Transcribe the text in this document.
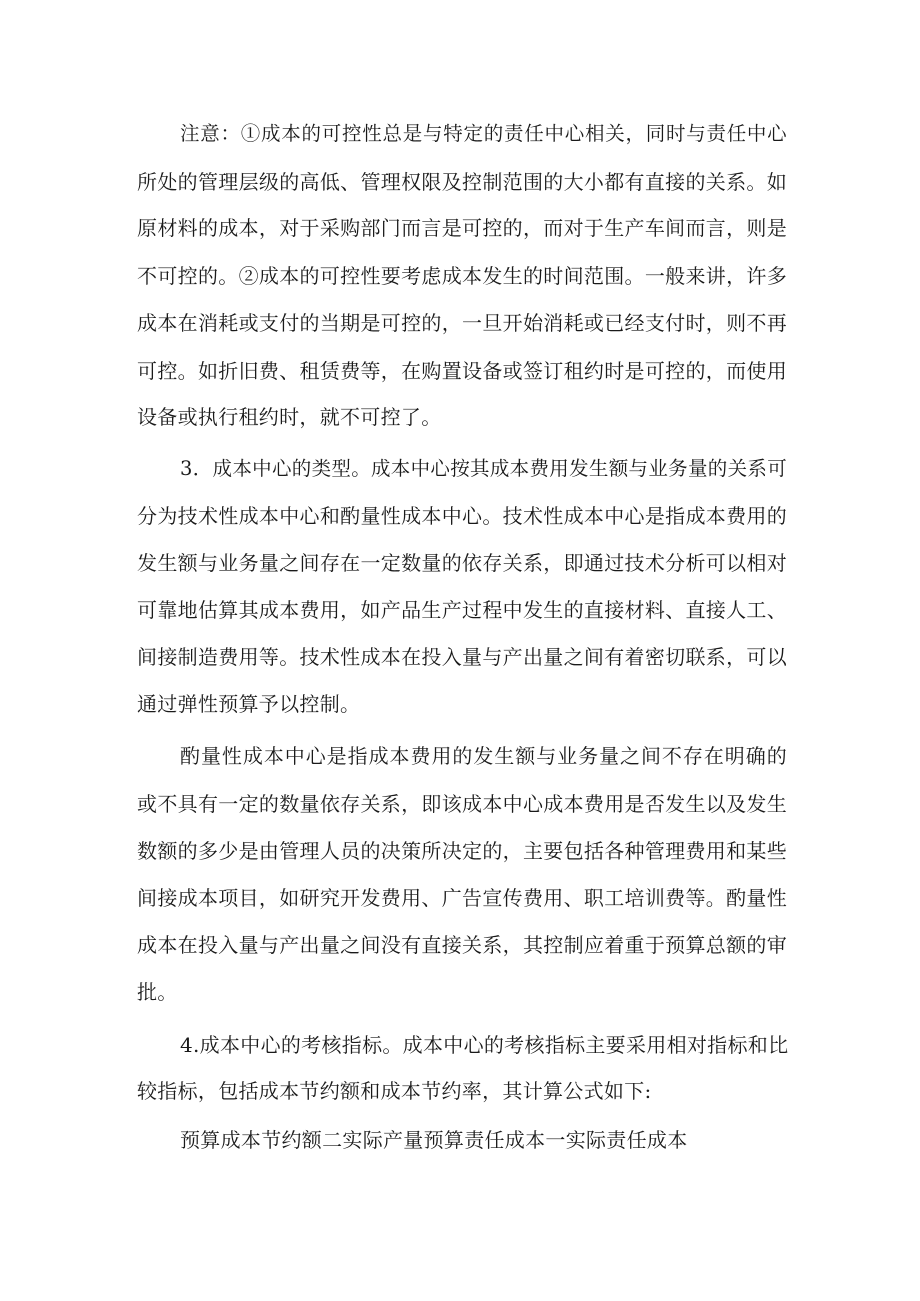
注意：①成本的可控性总是与特定的责任中心相关，同时与责任中心
所处的管理层级的高低、管理权限及控制范围的大小都有直接的关系。如
原材料的成本，对于采购部门而言是可控的，而对于生产车间而言，则是
不可控的。②成本的可控性要考虑成本发生的时间范围。一般来讲，许多
成本在消耗或支付的当期是可控的，一旦开始消耗或已经支付时，则不再
可控。如折旧费、租赁费等，在购置设备或签订租约时是可控的，而使用
设备或执行租约时，就不可控了。
3．成本中心的类型。成本中心按其成本费用发生额与业务量的关系可
分为技术性成本中心和酌量性成本中心。技术性成本中心是指成本费用的
发生额与业务量之间存在一定数量的依存关系，即通过技术分析可以相对
可靠地估算其成本费用，如产品生产过程中发生的直接材料、直接人工、
间接制造费用等。技术性成本在投入量与产出量之间有着密切联系，可以
通过弹性预算予以控制。
酌量性成本中心是指成本费用的发生额与业务量之间不存在明确的
或不具有一定的数量依存关系，即该成本中心成本费用是否发生以及发生
数额的多少是由管理人员的决策所决定的，主要包括各种管理费用和某些
间接成本项目，如研究开发费用、广告宣传费用、职工培训费等。酌量性
成本在投入量与产出量之间没有直接关系，其控制应着重于预算总额的审
批。
4.成本中心的考核指标。成本中心的考核指标主要采用相对指标和比
较指标，包括成本节约额和成本节约率，其计算公式如下:
预算成本节约额二实际产量预算责任成本一实际责任成本
